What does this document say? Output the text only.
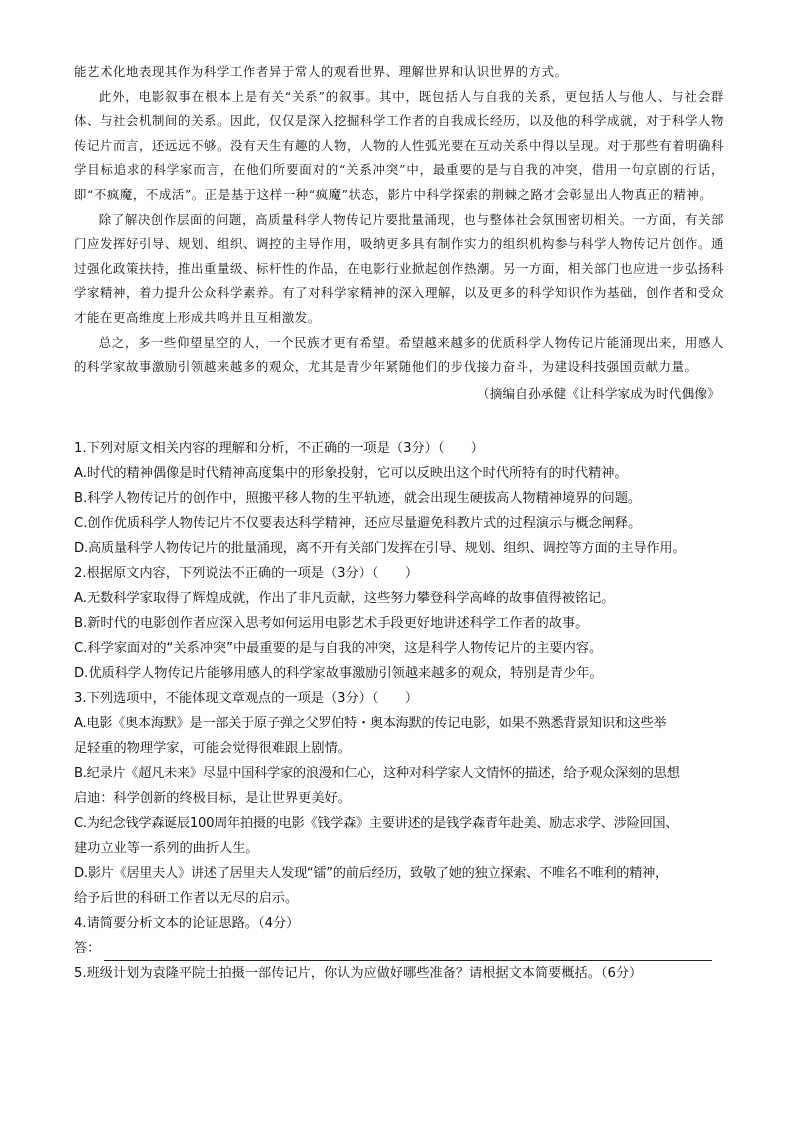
能艺术化地表现其作为科学工作者异于常人的观看世界、理解世界和认识世界的方式。

此外，电影叙事在根本上是有关“关系”的叙事。其中，既包括人与自我的关系，更包括人与他人、与社会群体、与社会机制间的关系。因此，仅仅是深入挖掘科学工作者的自我成长经历，以及他的科学成就，对于科学人物传记片而言，还远远不够。没有天生有趣的人物，人物的人性弧光要在互动关系中得以呈现。对于那些有着明确科学目标追求的科学家而言，在他们所要面对的“关系冲突”中，最重要的是与自我的冲突，借用一句京剧的行话，即“不疯魔，不成活”。正是基于这样一种“疯魔”状态，影片中科学探索的荆棘之路才会彰显出人物真正的精神。

除了解决创作层面的问题，高质量科学人物传记片要批量涌现，也与整体社会氛围密切相关。一方面，有关部门应发挥好引导、规划、组织、调控的主导作用，吸纳更多具有制作实力的组织机构参与科学人物传记片创作。通过强化政策扶持，推出重量级、标杆性的作品，在电影行业掀起创作热潮。另一方面，相关部门也应进一步弘扬科学家精神，着力提升公众科学素养。有了对科学家精神的深入理解，以及更多的科学知识作为基础，创作者和受众才能在更高维度上形成共鸣并且互相激发。

总之，多一些仰望星空的人，一个民族才更有希望。希望越来越多的优质科学人物传记片能涌现出来，用感人的科学家故事激励引领越来越多的观众，尤其是青少年紧随他们的步伐接力奋斗，为建设科技强国贡献力量。

（摘编自孙承健《让科学家成为时代偶像》
1.下列对原文相关内容的理解和分析，不正确的一项是（3分）（　　）
A.时代的精神偶像是时代精神高度集中的形象投射，它可以反映出这个时代所特有的时代精神。
B.科学人物传记片的创作中，照搬平移人物的生平轨迹，就会出现生硬拔高人物精神境界的问题。
C.创作优质科学人物传记片不仅要表达科学精神，还应尽量避免科教片式的过程演示与概念阐释。
D.高质量科学人物传记片的批量涌现，离不开有关部门发挥在引导、规划、组织、调控等方面的主导作用。
2.根据原文内容，下列说法不正确的一项是（3分）（　　）
A.无数科学家取得了辉煌成就，作出了非凡贡献，这些努力攀登科学高峰的故事值得被铭记。
B.新时代的电影创作者应深入思考如何运用电影艺术手段更好地讲述科学工作者的故事。
C.科学家面对的“关系冲突”中最重要的是与自我的冲突，这是科学人物传记片的主要内容。
D.优质科学人物传记片能够用感人的科学家故事激励引领越来越多的观众，特别是青少年。
3.下列选项中，不能体现文章观点的一项是（3分）（　　）
A.电影《奥本海默》是一部关于原子弹之父罗伯特・奥本海默的传记电影，如果不熟悉背景知识和这些举
足轻重的物理学家，可能会觉得很难跟上剧情。
B.纪录片《超凡未来》尽显中国科学家的浪漫和仁心，这种对科学家人文情怀的描述，给予观众深刻的思想
启迪：科学创新的终极目标，是让世界更美好。
C.为纪念钱学森诞辰100周年拍摄的电影《钱学森》主要讲述的是钱学森青年赴美、励志求学、涉险回国、
建功立业等一系列的曲折人生。
D.影片《居里夫人》讲述了居里夫人发现“镭”的前后经历，致敬了她的独立探索、不唯名不唯利的精神，
给予后世的科研工作者以无尽的启示。
4.请简要分析文本的论证思路。（4分）
答：
5.班级计划为袁隆平院士拍摄一部传记片，你认为应做好哪些准备？请根据文本简要概括。（6分）
